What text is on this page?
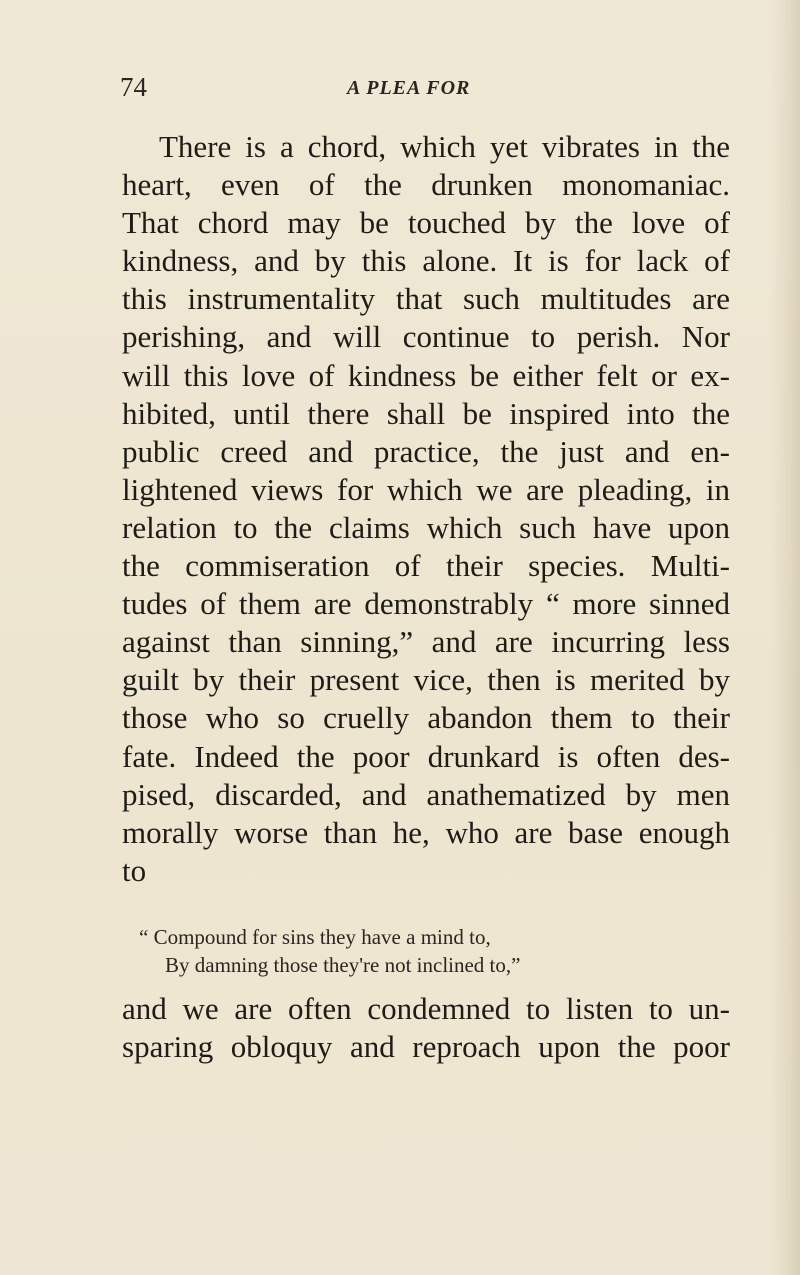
74	A PLEA FOR
There is a chord, which yet vibrates in the
heart, even of the drunken monomaniac.
That chord may be touched by the love of
kindness, and by this alone. It is for lack of
this instrumentality that such multitudes are
perishing, and will continue to perish. Nor
will this love of kindness be either felt or ex-
hibited, until there shall be inspired into the
public creed and practice, the just and en-
lightened views for which we are pleading, in
relation to the claims which such have upon
the commiseration of their species. Multi-
tudes of them are demonstrably “ more sinned
against than sinning,” and are incurring less
guilt by their present vice, then is merited by
those who so cruelly abandon them to their
fate. Indeed the poor drunkard is often des-
pised, discarded, and anathematized by men
morally worse than he, who are base enough
to
“ Compound for sins they have a mind to,
By damning those they're not inclined to,”
and we are often condemned to listen to un-
sparing obloquy and reproach upon the poor
